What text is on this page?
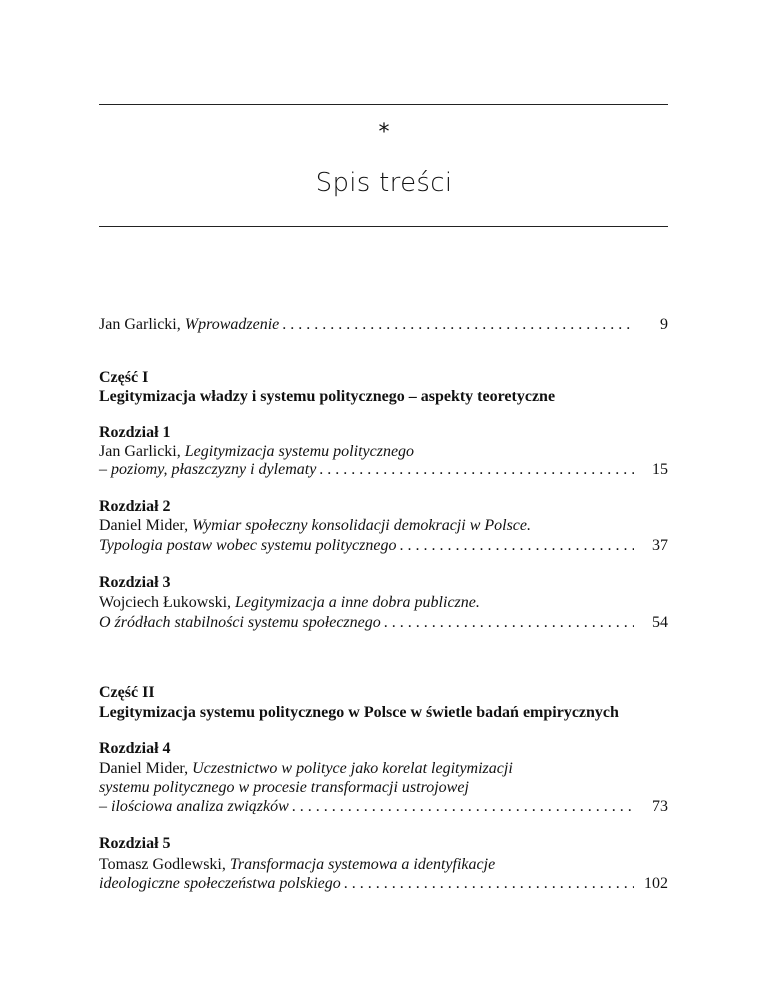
*
Spis treści
Jan Garlicki, Wprowadzenie . . .	9
Część I
Legitymizacja władzy i systemu politycznego – aspekty teoretyczne
Rozdział 1
Jan Garlicki, Legitymizacja systemu politycznego
– poziomy, płaszczyzny i dylematy . . .	15
Rozdział 2
Daniel Mider, Wymiar społeczny konsolidacji demokracji w Polsce.
Typologia postaw wobec systemu politycznego . . .	37
Rozdział 3
Wojciech Łukowski, Legitymizacja a inne dobra publiczne.
O źródłach stabilności systemu społecznego . . .	54
Część II
Legitymizacja systemu politycznego w Polsce w świetle badań empirycznych
Rozdział 4
Daniel Mider, Uczestnictwo w polityce jako korelat legitymizacji
systemu politycznego w procesie transformacji ustrojowej
– ilościowa analiza związków . . .	73
Rozdział 5
Tomasz Godlewski, Transformacja systemowa a identyfikacje
ideologiczne społeczeństwa polskiego . . .	102
